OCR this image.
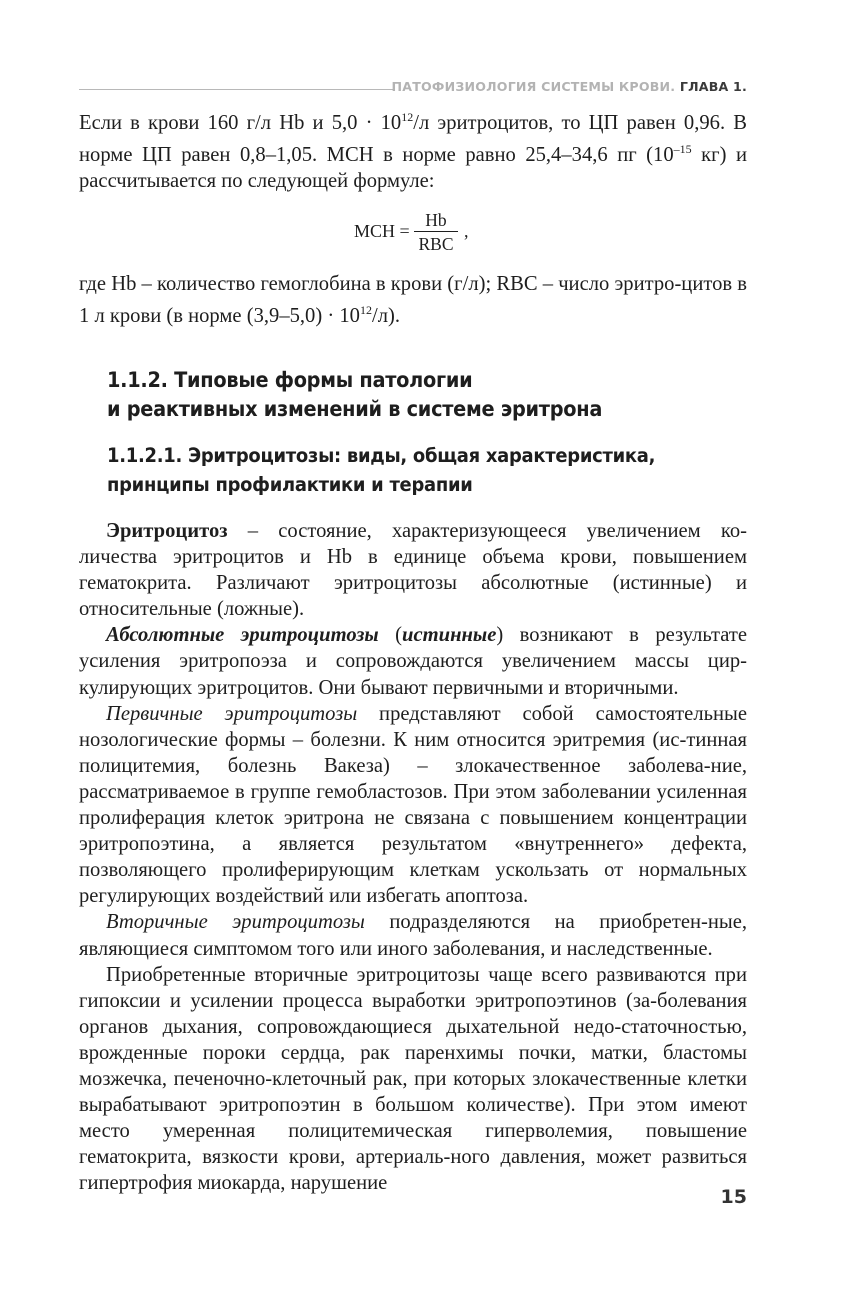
ПАТОФИЗИОЛОГИЯ СИСТЕМЫ КРОВИ. ГЛАВА 1.

Если в крови 160 г/л Hb и $5,0 \cdot 10^{12}/л$ эритроцитов, то ЦП равен 0,96. В норме ЦП равен 0,8–1,05. МСН в норме равно 25,4–34,6 пг ($10^{-15}$ кг) и рассчитывается по следующей формуле:

MCH =
Hb
RBC
,

где Hb – количество гемоглобина в крови (г/л); RBC – число эритро-цитов в 1 л крови (в норме $(3,9-5,0) \cdot 10^{12}/л$).

1.1.2. Типовые формы патологии
и реактивных изменений в системе эритрона
1.1.2.1. Эритроцитозы: виды, общая характеристика,
принципы профилактики и терапии

Эритроцитоз – состояние, характеризующееся увеличением ко-личества эритроцитов и Hb в единице объема крови, повышением гематокрита. Различают эритроцитозы абсолютные (истинные) и относительные (ложные).

Абсолютные эритроцитозы (истинные) возникают в результате усиления эритропоэза и сопровождаются увеличением массы цир-кулирующих эритроцитов. Они бывают первичными и вторичными.

Первичные эритроцитозы представляют собой самостоятельные нозологические формы – болезни. К ним относится эритремия (ис-тинная полицитемия, болезнь Вакеза) – злокачественное заболева-ние, рассматриваемое в группе гемобластозов. При этом заболевании усиленная пролиферация клеток эритрона не связана с повышением концентрации эритропоэтина, а является результатом «внутреннего» дефекта, позволяющего пролиферирующим клеткам ускользать от нормальных регулирующих воздействий или избегать апоптоза.

Вторичные эритроцитозы подразделяются на приобретен-ные, являющиеся симптомом того или иного заболевания, и наследственные.

Приобретенные вторичные эритроцитозы чаще всего развиваются при гипоксии и усилении процесса выработки эритропоэтинов (за-болевания органов дыхания, сопровождающиеся дыхательной недо-статочностью, врожденные пороки сердца, рак паренхимы почки, матки, бластомы мозжечка, печеночно-клеточный рак, при которых злокачественные клетки вырабатывают эритропоэтин в большом количестве). При этом имеют место умеренная полицитемическая гиперволемия, повышение гематокрита, вязкости крови, артериаль-ного давления, может развиться гипертрофия миокарда, нарушение

15
